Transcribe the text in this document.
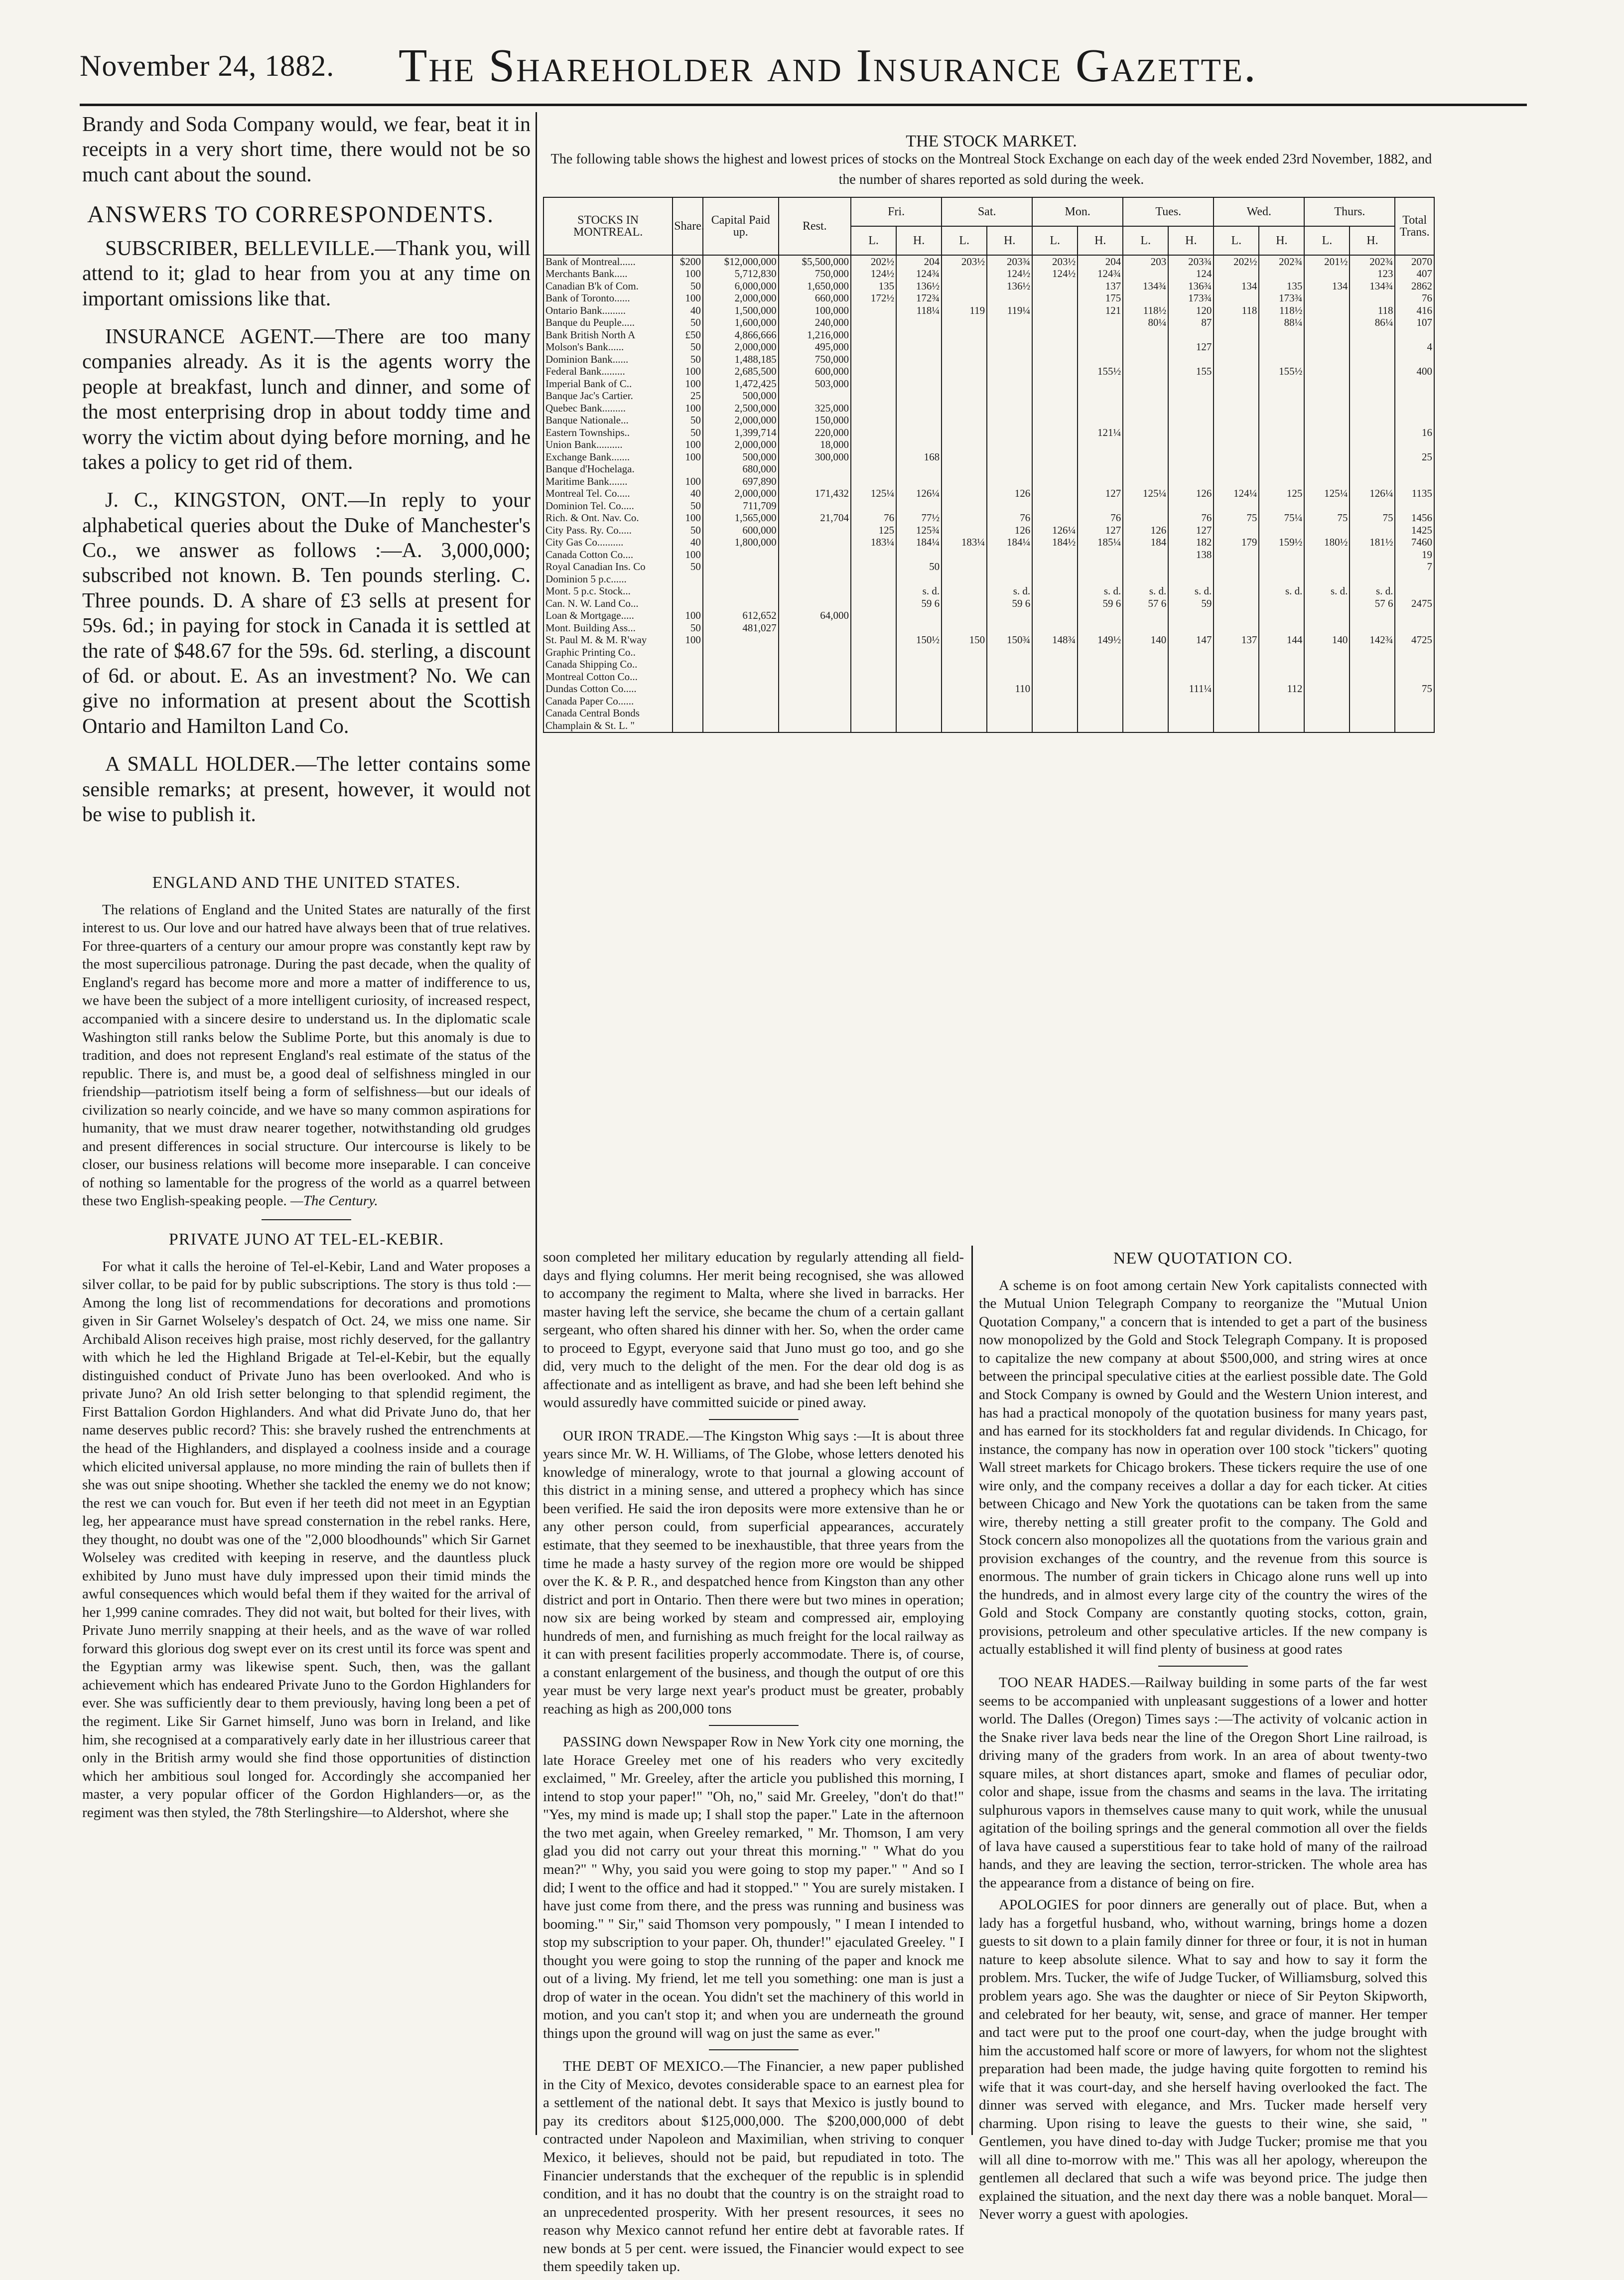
November 24, 1882. The Shareholder and Insurance Gazette.

Brandy and Soda Company would, we fear, beat it in receipts in a very short time, there would not be so much cant about the sound.

ANSWERS TO CORRESPONDENTS.

SUBSCRIBER, BELLEVILLE.—Thank you, will attend to it; glad to hear from you at any time on important omissions like that.

INSURANCE AGENT.—There are too many companies already. As it is the agents worry the people at breakfast, lunch and dinner, and some of the most enterprising drop in about toddy time and worry the victim about dying before morning, and he takes a policy to get rid of them.

J. C., KINGSTON, ONT.—In reply to your alphabetical queries about the Duke of Manchester's Co., we answer as follows :—A. 3,000,000; subscribed not known. B. Ten pounds sterling. C. Three pounds. D. A share of £3 sells at present for 59s. 6d.; in paying for stock in Canada it is settled at the rate of $48.67 for the 59s. 6d. sterling, a discount of 6d. or about. E. As an investment? No. We can give no information at present about the Scottish Ontario and Hamilton Land Co.

A SMALL HOLDER.—The letter contains some sensible remarks; at present, however, it would not be wise to publish it.

ENGLAND AND THE UNITED STATES.

The relations of England and the United States are naturally of the first interest to us. Our love and our hatred have always been that of true relatives. For three-quarters of a century our amour propre was constantly kept raw by the most supercilious patronage. During the past decade, when the quality of England's regard has become more and more a matter of indifference to us, we have been the subject of a more intelligent curiosity, of increased respect, accompanied with a sincere desire to understand us. In the diplomatic scale Washington still ranks below the Sublime Porte, but this anomaly is due to tradition, and does not represent England's real estimate of the status of the republic. There is, and must be, a good deal of selfishness mingled in our friendship—patriotism itself being a form of selfishness—but our ideals of civilization so nearly coincide, and we have so many common aspirations for humanity, that we must draw nearer together, notwithstanding old grudges and present differences in social structure. Our intercourse is likely to be closer, our business relations will become more inseparable. I can conceive of nothing so lamentable for the progress of the world as a quarrel between these two English-speaking people. —The Century.

PRIVATE JUNO AT TEL-EL-KEBIR.

For what it calls the heroine of Tel-el-Kebir, Land and Water proposes a silver collar, to be paid for by public subscriptions. The story is thus told :—Among the long list of recommendations for decorations and promotions given in Sir Garnet Wolseley's despatch of Oct. 24, we miss one name. Sir Archibald Alison receives high praise, most richly deserved, for the gallantry with which he led the Highland Brigade at Tel-el-Kebir, but the equally distinguished conduct of Private Juno has been overlooked. And who is private Juno? An old Irish setter belonging to that splendid regiment, the First Battalion Gordon Highlanders. And what did Private Juno do, that her name deserves public record? This: she bravely rushed the entrenchments at the head of the Highlanders, and displayed a coolness inside and a courage which elicited universal applause, no more minding the rain of bullets then if she was out snipe shooting. Whether she tackled the enemy we do not know; the rest we can vouch for. But even if her teeth did not meet in an Egyptian leg, her appearance must have spread consternation in the rebel ranks. Here, they thought, no doubt was one of the "2,000 bloodhounds" which Sir Garnet Wolseley was credited with keeping in reserve, and the dauntless pluck exhibited by Juno must have duly impressed upon their timid minds the awful consequences which would befal them if they waited for the arrival of her 1,999 canine comrades. They did not wait, but bolted for their lives, with Private Juno merrily snapping at their heels, and as the wave of war rolled forward this glorious dog swept ever on its crest until its force was spent and the Egyptian army was likewise spent. Such, then, was the gallant achievement which has endeared Private Juno to the Gordon Highlanders for ever. She was sufficiently dear to them previously, having long been a pet of the regiment. Like Sir Garnet himself, Juno was born in Ireland, and like him, she recognised at a comparatively early date in her illustrious career that only in the British army would she find those opportunities of distinction which her ambitious soul longed for. Accordingly she accompanied her master, a very popular officer of the Gordon Highlanders—or, as the regiment was then styled, the 78th Sterlingshire—to Aldershot, where she

THE STOCK MARKET.
The following table shows the highest and lowest prices of stocks on the Montreal Stock Exchange on each day of the week ended 23rd November, 1882, and the number of shares reported as sold during the week.
STOCKS IN MONTREAL.	Share.	Capital Paid up.	Rest.	Fri.		Sat.		Mon.		Tues.		Wed.		Thurs.		Total Trans.
				L.	H.	L.	H.	L.	H.	L.	H.	L.	H.	L.	H.	
Bank of Montreal......	$200	$12,000,000	$5,500,000	202½	204	203½	203¾	203½	204	203	203¾	202½	202¾	201½	202¾	2070
Merchants Bank.....	100	5,712,830	750,000	124½	124¾		124½	124½	124¾		124				123	407
Canadian B'k of Com.	50	6,000,000	1,650,000	135	136½		136½		137	134¾	136¾	134	135	134	134¾	2862
Bank of Toronto......	100	2,000,000	660,000	172½	172¾				175		173¾		173¾			76
Ontario Bank.........	40	1,500,000	100,000		118¼	119	119¼		121	118½	120	118	118½		118	416
Banque du Peuple.....	50	1,600,000	240,000							80¼	87		88¼		86¼	107
Bank British North A	£50	4,866,666	1,216,000													
Molson's Bank......	50	2,000,000	495,000								127					4
Dominion Bank......	50	1,488,185	750,000													
Federal Bank.........	100	2,685,500	600,000						155½		155		155½			400
Imperial Bank of C..	100	1,472,425	503,000													
Banque Jac's Cartier.	25	500,000														
Quebec Bank.........	100	2,500,000	325,000													
Banque Nationale...	50	2,000,000	150,000													
Eastern Townships..	50	1,399,714	220,000						121¼							16
Union Bank..........	100	2,000,000	18,000													
Exchange Bank.......	100	500,000	300,000		168											25
Banque d'Hochelaga.		680,000														
Maritime Bank.......	100	697,890														
Montreal Tel. Co.....	40	2,000,000	171,432	125¼	126¼		126		127	125¼	126	124¼	125	125¼	126¼	1135
Dominion Tel. Co.....	50	711,709														
Rich. & Ont. Nav. Co.	100	1,565,000	21,704	76	77½		76		76		76	75	75¼	75	75	1456
City Pass. Ry. Co.....	50	600,000		125	125¾		126	126¼	127	126	127					1425
City Gas Co..........	40	1,800,000		183¼	184¼	183¼	184¼	184½	185¼	184	182	179	159½	180½	181½	7460
Canada Cotton Co....	100										138					19
Royal Canadian Ins. Co	50				50											7
Dominion 5 p.c......																
Mont. 5 p.c. Stock...					s. d.		s. d.		s. d.	s. d.	s. d.		s. d.	s. d.	s. d.	
Can. N. W. Land Co...					59 6		59 6		59 6	57 6	59				57 6	2475
Loan & Mortgage.....	100	612,652	64,000													
Mont. Building Ass...	50	481,027														
St. Paul M. & M. R'way	100				150½	150	150¾	148¾	149½	140	147	137	144	140	142¾	4725
Graphic Printing Co..																
Canada Shipping Co..																
Montreal Cotton Co...																
Dundas Cotton Co.....							110				111¼		112			75
Canada Paper Co......																
Canada Central Bonds																
Champlain & St. L. "																

soon completed her military education by regularly attending all field-days and flying columns. Her merit being recognised, she was allowed to accompany the regiment to Malta, where she lived in barracks. Her master having left the service, she became the chum of a certain gallant sergeant, who often shared his dinner with her. So, when the order came to proceed to Egypt, everyone said that Juno must go too, and go she did, very much to the delight of the men. For the dear old dog is as affectionate and as intelligent as brave, and had she been left behind she would assuredly have committed suicide or pined away.

OUR IRON TRADE.—The Kingston Whig says :—It is about three years since Mr. W. H. Williams, of The Globe, whose letters denoted his knowledge of mineralogy, wrote to that journal a glowing account of this district in a mining sense, and uttered a prophecy which has since been verified. He said the iron deposits were more extensive than he or any other person could, from superficial appearances, accurately estimate, that they seemed to be inexhaustible, that three years from the time he made a hasty survey of the region more ore would be shipped over the K. & P. R., and despatched hence from Kingston than any other district and port in Ontario. Then there were but two mines in operation; now six are being worked by steam and compressed air, employing hundreds of men, and furnishing as much freight for the local railway as it can with present facilities properly accommodate. There is, of course, a constant enlargement of the business, and though the output of ore this year must be very large next year's product must be greater, probably reaching as high as 200,000 tons

PASSING down Newspaper Row in New York city one morning, the late Horace Greeley met one of his readers who very excitedly exclaimed, " Mr. Greeley, after the article you published this morning, I intend to stop your paper!" "Oh, no," said Mr. Greeley, "don't do that!" "Yes, my mind is made up; I shall stop the paper." Late in the afternoon the two met again, when Greeley remarked, " Mr. Thomson, I am very glad you did not carry out your threat this morning." " What do you mean?" " Why, you said you were going to stop my paper." " And so I did; I went to the office and had it stopped." " You are surely mistaken. I have just come from there, and the press was running and business was booming." " Sir," said Thomson very pompously, " I mean I intended to stop my subscription to your paper. Oh, thunder!" ejaculated Greeley. " I thought you were going to stop the running of the paper and knock me out of a living. My friend, let me tell you something: one man is just a drop of water in the ocean. You didn't set the machinery of this world in motion, and you can't stop it; and when you are underneath the ground things upon the ground will wag on just the same as ever."

THE DEBT OF MEXICO.—The Financier, a new paper published in the City of Mexico, devotes considerable space to an earnest plea for a settlement of the national debt. It says that Mexico is justly bound to pay its creditors about $125,000,000. The $200,000,000 of debt contracted under Napoleon and Maximilian, when striving to conquer Mexico, it believes, should not be paid, but repudiated in toto. The Financier understands that the exchequer of the republic is in splendid condition, and it has no doubt that the country is on the straight road to an unprecedented prosperity. With her present resources, it sees no reason why Mexico cannot refund her entire debt at favorable rates. If new bonds at 5 per cent. were issued, the Financier would expect to see them speedily taken up.

NEW QUOTATION CO.

A scheme is on foot among certain New York capitalists connected with the Mutual Union Telegraph Company to reorganize the "Mutual Union Quotation Company," a concern that is intended to get a part of the business now monopolized by the Gold and Stock Telegraph Company. It is proposed to capitalize the new company at about $500,000, and string wires at once between the principal speculative cities at the earliest possible date. The Gold and Stock Company is owned by Gould and the Western Union interest, and has had a practical monopoly of the quotation business for many years past, and has earned for its stockholders fat and regular dividends. In Chicago, for instance, the company has now in operation over 100 stock "tickers" quoting Wall street markets for Chicago brokers. These tickers require the use of one wire only, and the company receives a dollar a day for each ticker. At cities between Chicago and New York the quotations can be taken from the same wire, thereby netting a still greater profit to the company. The Gold and Stock concern also monopolizes all the quotations from the various grain and provision exchanges of the country, and the revenue from this source is enormous. The number of grain tickers in Chicago alone runs well up into the hundreds, and in almost every large city of the country the wires of the Gold and Stock Company are constantly quoting stocks, cotton, grain, provisions, petroleum and other speculative articles. If the new company is actually established it will find plenty of business at good rates

TOO NEAR HADES.—Railway building in some parts of the far west seems to be accompanied with unpleasant suggestions of a lower and hotter world. The Dalles (Oregon) Times says :—The activity of volcanic action in the Snake river lava beds near the line of the Oregon Short Line railroad, is driving many of the graders from work. In an area of about twenty-two square miles, at short distances apart, smoke and flames of peculiar odor, color and shape, issue from the chasms and seams in the lava. The irritating sulphurous vapors in themselves cause many to quit work, while the unusual agitation of the boiling springs and the general commotion all over the fields of lava have caused a superstitious fear to take hold of many of the railroad hands, and they are leaving the section, terror-stricken. The whole area has the appearance from a distance of being on fire.

APOLOGIES for poor dinners are generally out of place. But, when a lady has a forgetful husband, who, without warning, brings home a dozen guests to sit down to a plain family dinner for three or four, it is not in human nature to keep absolute silence. What to say and how to say it form the problem. Mrs. Tucker, the wife of Judge Tucker, of Williamsburg, solved this problem years ago. She was the daughter or niece of Sir Peyton Skipworth, and celebrated for her beauty, wit, sense, and grace of manner. Her temper and tact were put to the proof one court-day, when the judge brought with him the accustomed half score or more of lawyers, for whom not the slightest preparation had been made, the judge having quite forgotten to remind his wife that it was court-day, and she herself having overlooked the fact. The dinner was served with elegance, and Mrs. Tucker made herself very charming. Upon rising to leave the guests to their wine, she said, " Gentlemen, you have dined to-day with Judge Tucker; promise me that you will all dine to-morrow with me." This was all her apology, whereupon the gentlemen all declared that such a wife was beyond price. The judge then explained the situation, and the next day there was a noble banquet. Moral—Never worry a guest with apologies.
